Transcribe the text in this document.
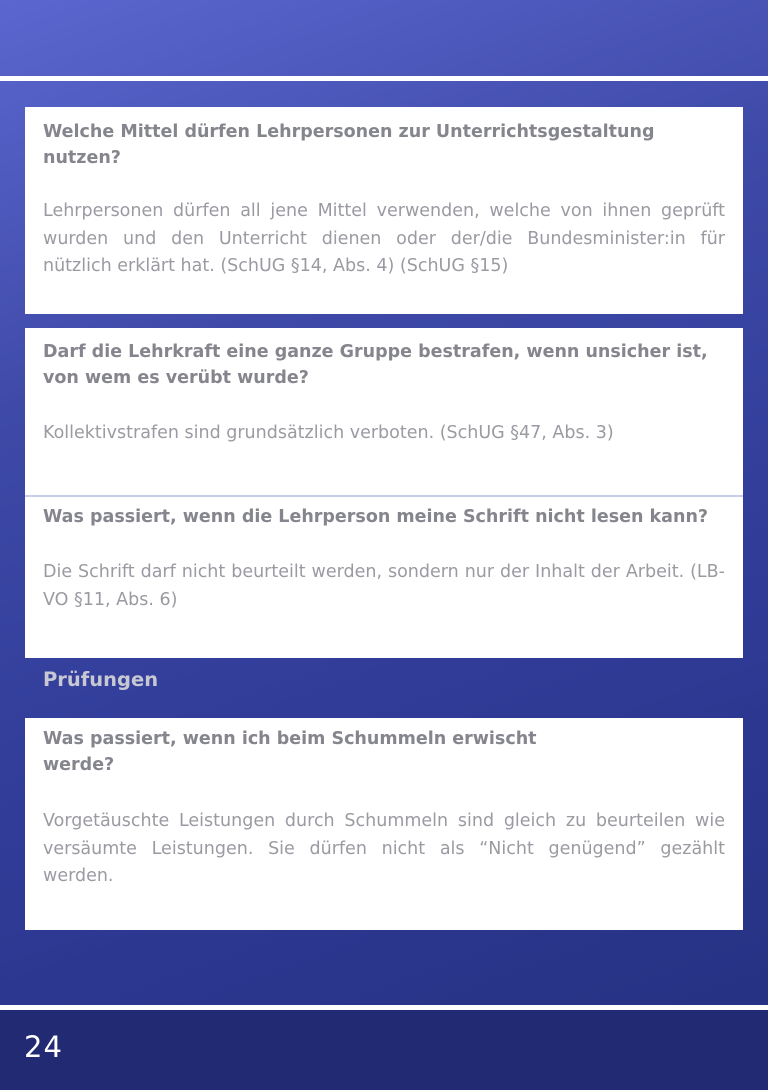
Welche Mittel dürfen Lehrpersonen zur Unterrichtsgestaltung nutzen?

Lehrpersonen dürfen all jene Mittel verwenden, welche von ihnen geprüft wurden und den Unterricht dienen oder der/die Bundesminister:in für nützlich erklärt hat. (SchUG §14, Abs. 4) (SchUG §15)

Darf die Lehrkraft eine ganze Gruppe bestrafen, wenn unsicher ist, von wem es verübt wurde?

Kollektivstrafen sind grundsätzlich verboten. (SchUG §47, Abs. 3)

Was passiert, wenn die Lehrperson meine Schrift nicht lesen kann?

Die Schrift darf nicht beurteilt werden, sondern nur der Inhalt der Arbeit. (LB-VO §11, Abs. 6)

Prüfungen

Was passiert, wenn ich beim Schummeln erwischt werde?

Vorgetäuschte Leistungen durch Schummeln sind gleich zu beurteilen wie versäumte Leistungen. Sie dürfen nicht als “Nicht genügend” gezählt werden.

24
